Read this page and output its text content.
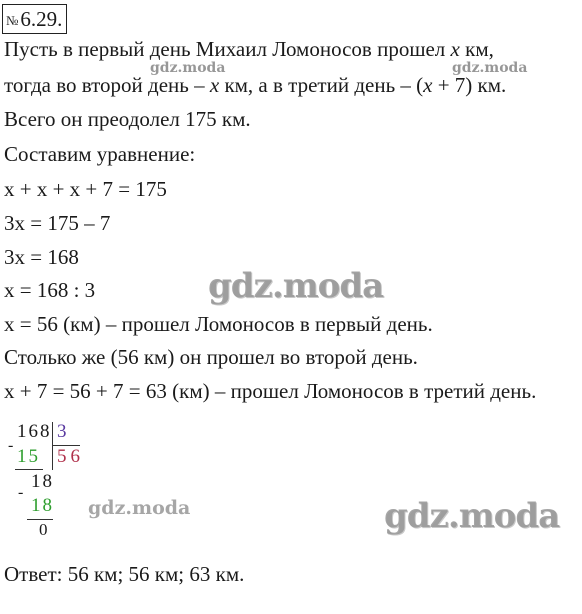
№6.29.
Пусть в первый день Михаил Ломоносов прошел x км,
тогда во второй день – x км, а в третий день – (x + 7) км.
gdz.moda	gdz.moda
Всего он преодолел 175 км.
Составим уравнение:
x + x + x + 7 = 175
3x = 175 – 7
3x = 168
x = 168 : 3	gdz.moda
x = 56 (км) – прошел Ломоносов в первый день.
Столько же (56 км) он прошел во второй день.
x + 7 = 56 + 7 = 63 (км) – прошел Ломоносов в третий день.
168 3
-
15 56
18
-
18
0
gdz.moda	gdz.moda
Ответ: 56 км; 56 км; 63 км.
